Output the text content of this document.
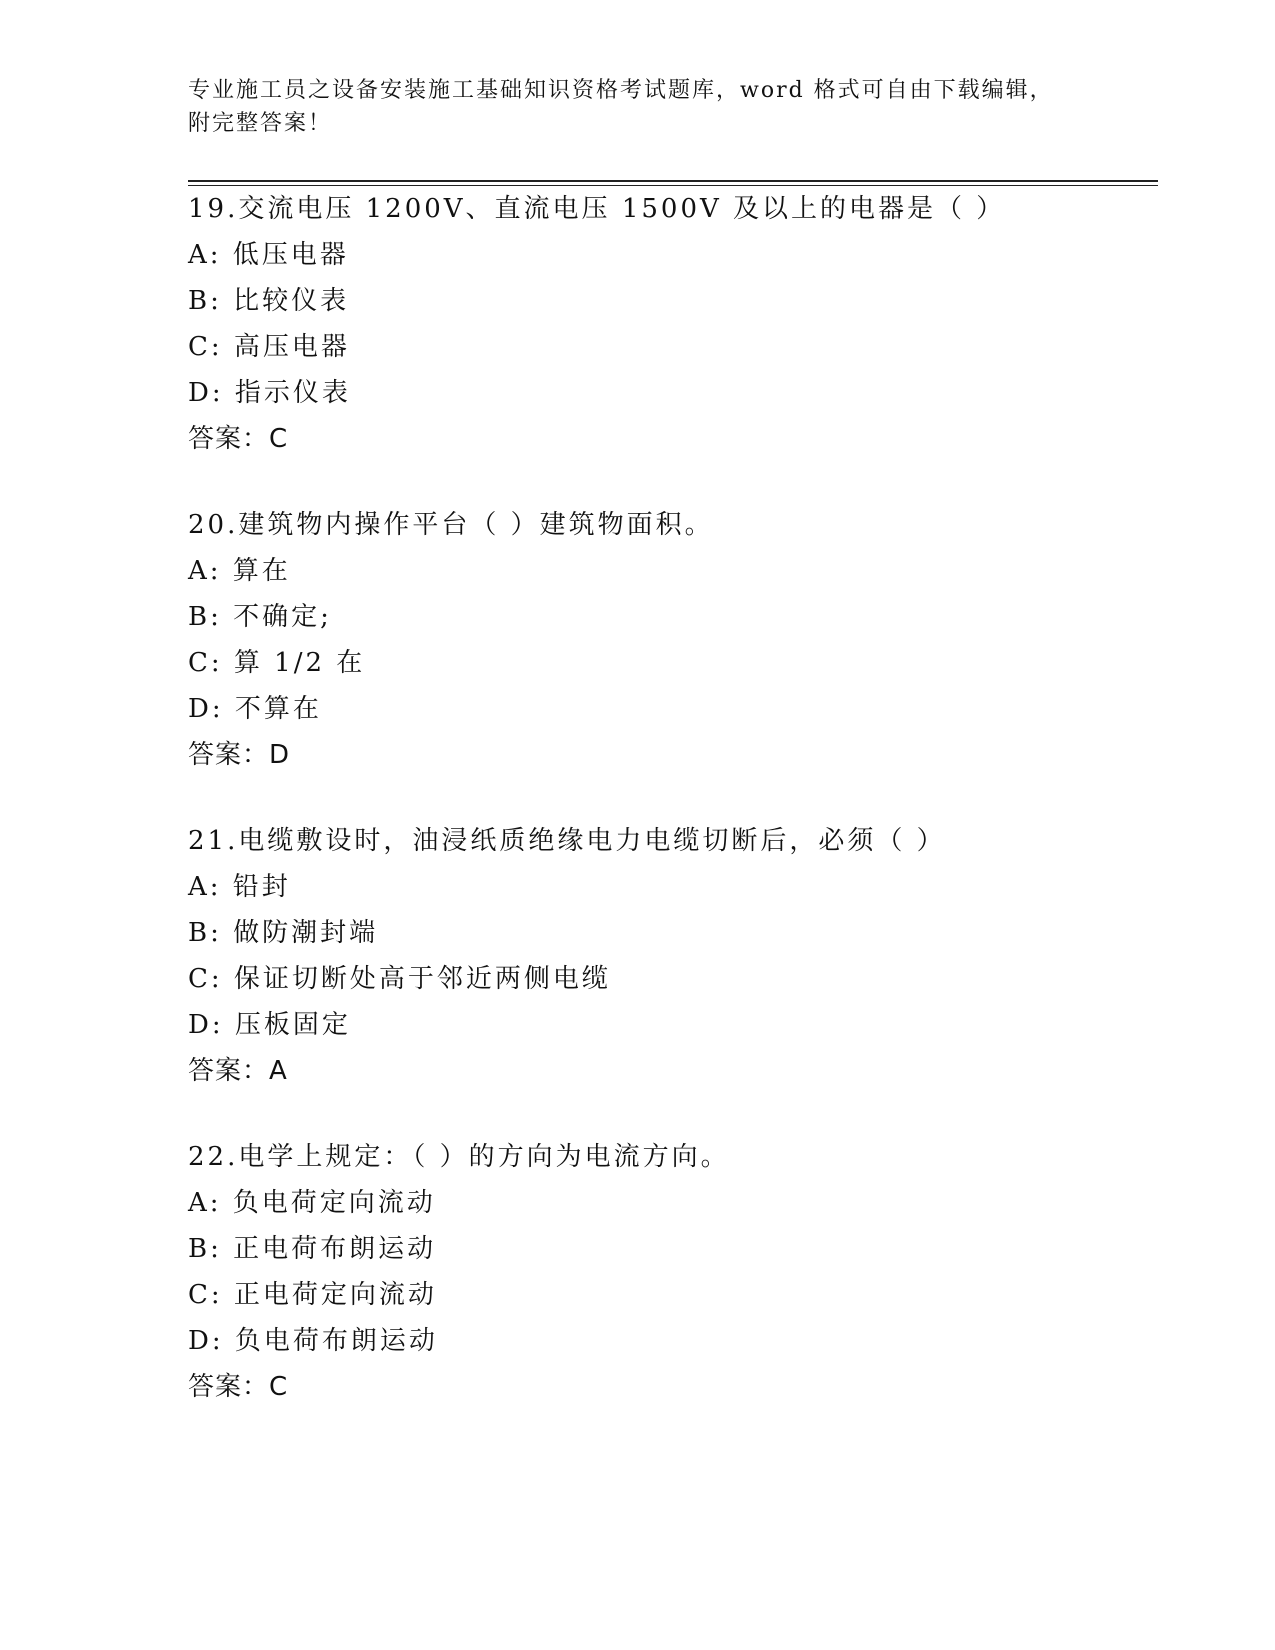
专业施工员之设备安装施工基础知识资格考试题库，word 格式可自由下载编辑，
附完整答案！
19.交流电压 1200V、直流电压 1500V 及以上的电器是（ ）
A: 低压电器
B: 比较仪表
C: 高压电器
D: 指示仪表
答案：C
20.建筑物内操作平台（ ）建筑物面积。
A: 算在
B: 不确定;
C: 算 1/2 在
D: 不算在
答案：D
21.电缆敷设时，油浸纸质绝缘电力电缆切断后，必须（ ）
A: 铅封
B: 做防潮封端
C: 保证切断处高于邻近两侧电缆
D: 压板固定
答案：A
22.电学上规定：（ ）的方向为电流方向。
A: 负电荷定向流动
B: 正电荷布朗运动
C: 正电荷定向流动
D: 负电荷布朗运动
答案：C
